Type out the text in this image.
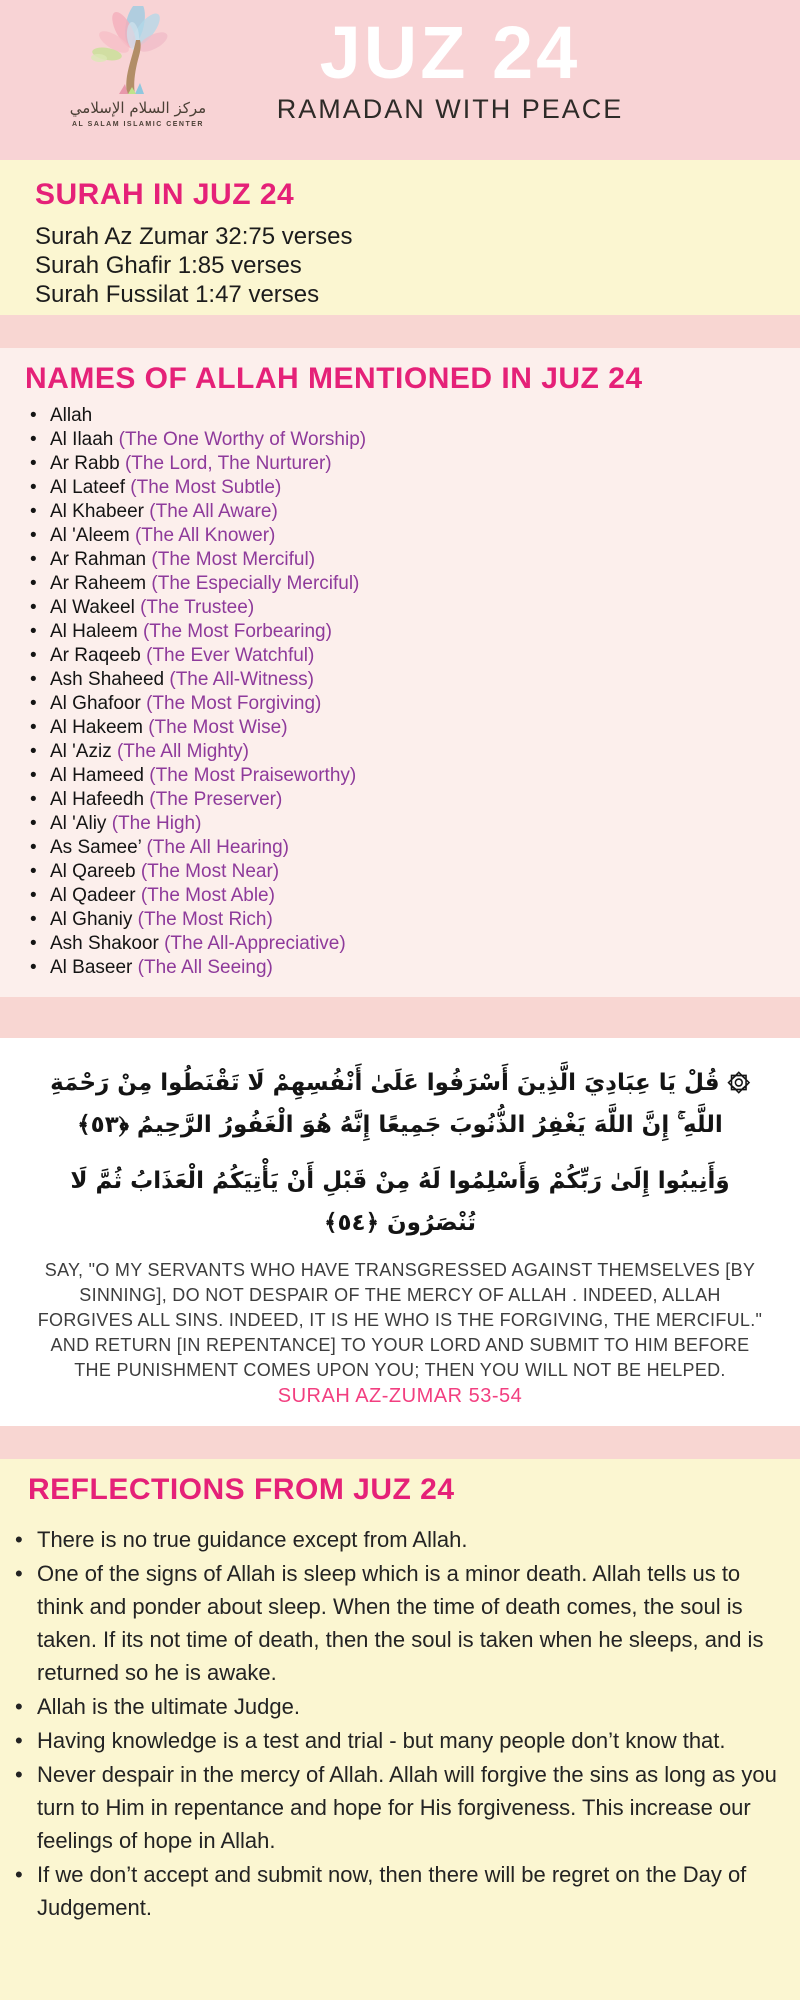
مركز السلام الإسلامي
AL SALAM ISLAMIC CENTER
JUZ 24
RAMADAN WITH PEACE
SURAH IN JUZ 24
Surah Az Zumar 32:75 verses
Surah Ghafir 1:85 verses
Surah Fussilat 1:47 verses
NAMES OF ALLAH MENTIONED IN JUZ 24
• Allah
• Al Ilaah (The One Worthy of Worship)
• Ar Rabb (The Lord, The Nurturer)
• Al Lateef (The Most Subtle)
• Al Khabeer (The All Aware)
• Al 'Aleem (The All Knower)
• Ar Rahman (The Most Merciful)
• Ar Raheem (The Especially Merciful)
• Al Wakeel (The Trustee)
• Al Haleem (The Most Forbearing)
• Ar Raqeeb (The Ever Watchful)
• Ash Shaheed (The All-Witness)
• Al Ghafoor (The Most Forgiving)
• Al Hakeem (The Most Wise)
• Al 'Aziz (The All Mighty)
• Al Hameed (The Most Praiseworthy)
• Al Hafeedh (The Preserver)
• Al 'Aliy (The High)
• As Samee’ (The All Hearing)
• Al Qareeb (The Most Near)
• Al Qadeer (The Most Able)
• Al Ghaniy (The Most Rich)
• Ash Shakoor (The All-Appreciative)
• Al Baseer (The All Seeing)

۞ قُلْ يَا عِبَادِيَ الَّذِينَ أَسْرَفُوا عَلَىٰ أَنْفُسِهِمْ لَا تَقْنَطُوا مِنْ رَحْمَةِ اللَّهِ ۚ إِنَّ اللَّهَ يَغْفِرُ الذُّنُوبَ جَمِيعًا إِنَّهُ هُوَ الْغَفُورُ الرَّحِيمُ ﴿٥٣﴾

وَأَنِيبُوا إِلَىٰ رَبِّكُمْ وَأَسْلِمُوا لَهُ مِنْ قَبْلِ أَنْ يَأْتِيَكُمُ الْعَذَابُ ثُمَّ لَا تُنْصَرُونَ ﴿٥٤﴾

SAY, "O MY SERVANTS WHO HAVE TRANSGRESSED AGAINST THEMSELVES [BY SINNING], DO NOT DESPAIR OF THE MERCY OF ALLAH . INDEED, ALLAH FORGIVES ALL SINS. INDEED, IT IS HE WHO IS THE FORGIVING, THE MERCIFUL."

AND RETURN [IN REPENTANCE] TO YOUR LORD AND SUBMIT TO HIM BEFORE THE PUNISHMENT COMES UPON YOU; THEN YOU WILL NOT BE HELPED.

SURAH AZ-ZUMAR 53-54

REFLECTIONS FROM JUZ 24
• There is no true guidance except from Allah.
• One of the signs of Allah is sleep which is a minor death. Allah tells us to think and ponder about sleep. When the time of death comes, the soul is taken. If its not time of death, then the soul is taken when he sleeps, and is returned so he is awake.
• Allah is the ultimate Judge.
• Having knowledge is a test and trial - but many people don’t know that.
• Never despair in the mercy of Allah. Allah will forgive the sins as long as you turn to Him in repentance and hope for His forgiveness. This increase our feelings of hope in Allah.
• If we don’t accept and submit now, then there will be regret on the Day of Judgement.
